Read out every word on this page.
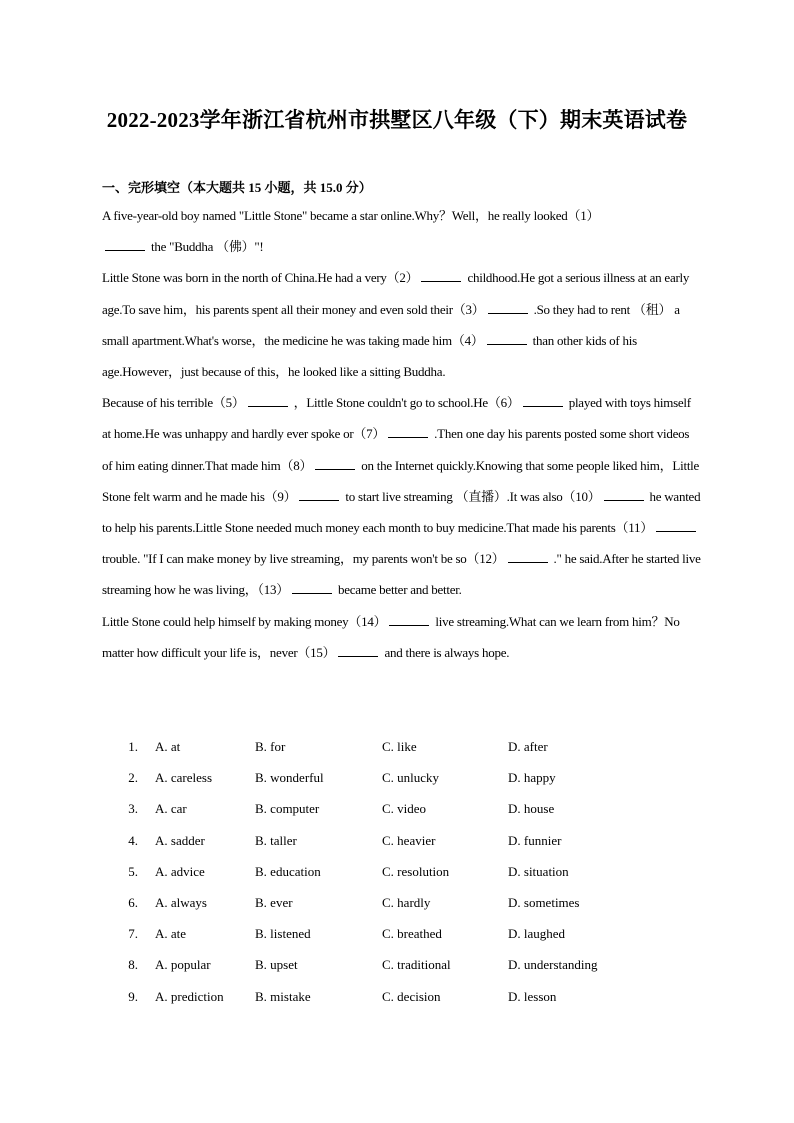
2022-2023学年浙江省杭州市拱墅区八年级（下）期末英语试卷
一、完形填空（本大题共 15 小题，共 15.0 分）

A five-year-old boy named "Little Stone" became a star online.Why？Well，he really looked（1）
the "Buddha （佛）"!

Little Stone was born in the north of China.He had a very（2）	childhood.He got a serious illness at an early age.To save him，his parents spent all their money and even sold their（3）	.So they had to rent （租） a small apartment.What's worse，the medicine he was taking made him（4）	than other kids of his age.However，just because of this，he looked like a sitting Buddha.

Because of his terrible（5）	，Little Stone couldn't go to school.He（6）	played with toys himself at home.He was unhappy and hardly ever spoke or（7）	.Then one day his parents posted some short videos of him eating dinner.That made him（8）	on the Internet quickly.Knowing that some people liked him，Little Stone felt warm and he made his（9）	to start live streaming （直播）.It was also（10）	he wanted to help his parents.Little Stone needed much money each month to buy medicine.That made his parents（11） trouble. "If I can make money by live streaming，my parents won't be so（12）	." he said.After he started live streaming how he was living，（13）	became better and better.

Little Stone could help himself by making money（14）	live streaming.What can we learn from him？No matter how difficult your life is，never（15）	and there is always hope.

1. A. at	B. for	C. like	D. after
2. A. careless	B. wonderful	C. unlucky	D. happy
3. A. car	B. computer	C. video	D. house
4. A. sadder	B. taller	C. heavier	D. funnier
5. A. advice	B. education	C. resolution	D. situation
6. A. always	B. ever	C. hardly	D. sometimes
7. A. ate	B. listened	C. breathed	D. laughed
8. A. popular	B. upset	C. traditional	D. understanding
9. A. prediction B. mistake	C. decision	D. lesson
